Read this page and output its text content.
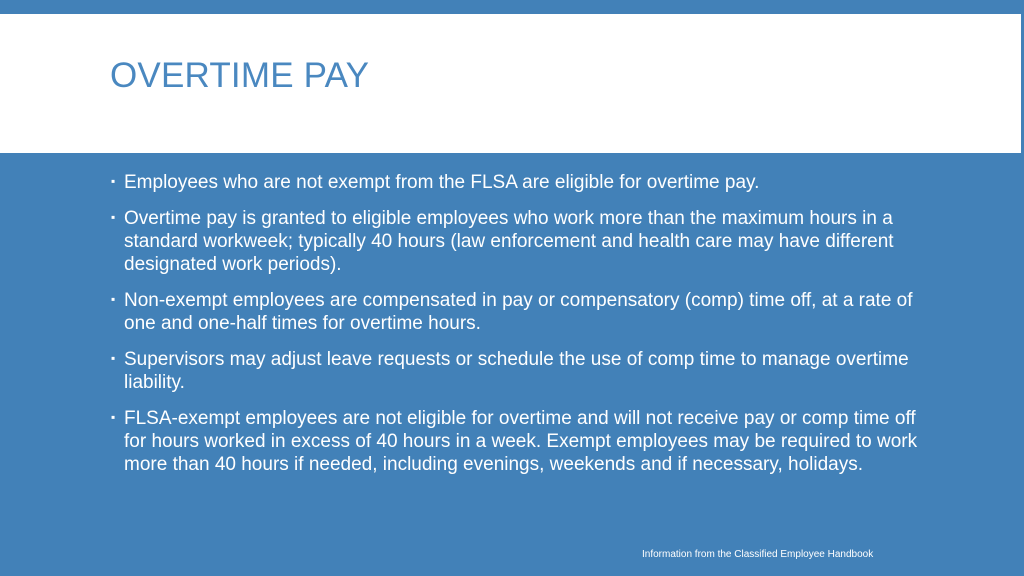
OVERTIME PAY
▪ Employees who are not exempt from the FLSA are eligible for overtime pay.
▪ Overtime pay is granted to eligible employees who work more than the maximum hours in a standard workweek; typically 40 hours (law enforcement and health care may have different designated work periods).
▪ Non-exempt employees are compensated in pay or compensatory (comp) time off, at a rate of one and one-half times for overtime hours.
▪ Supervisors may adjust leave requests or schedule the use of comp time to manage overtime liability.
▪ FLSA-exempt employees are not eligible for overtime and will not receive pay or comp time off for hours worked in excess of 40 hours in a week. Exempt employees may be required to work more than 40 hours if needed, including evenings, weekends and if necessary, holidays.
Information from the Classified Employee Handbook
